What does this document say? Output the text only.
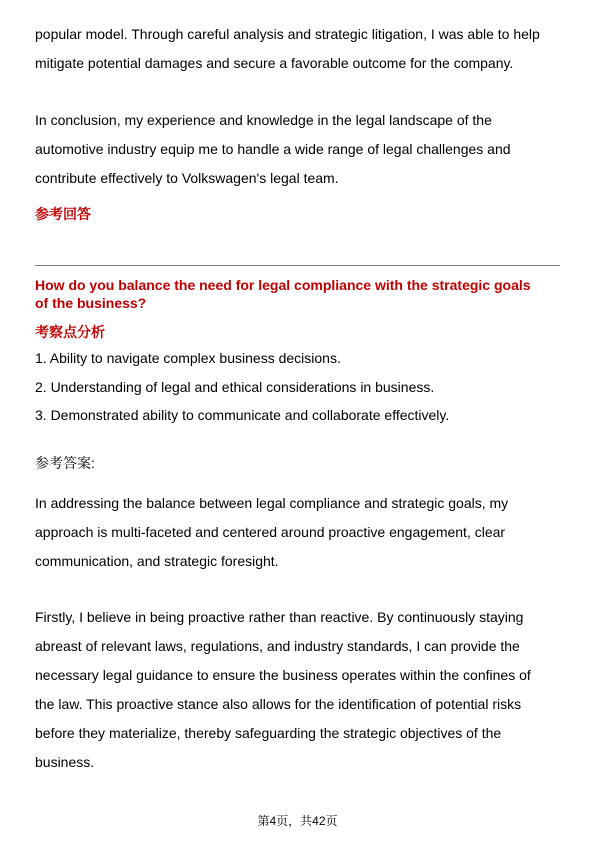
popular model. Through careful analysis and strategic litigation, I was able to help
mitigate potential damages and secure a favorable outcome for the company.
In conclusion, my experience and knowledge in the legal landscape of the
automotive industry equip me to handle a wide range of legal challenges and
contribute effectively to Volkswagen's legal team.
参考回答
How do you balance the need for legal compliance with the strategic goals
of the business?
考察点分析
1. Ability to navigate complex business decisions.
2. Understanding of legal and ethical considerations in business.
3. Demonstrated ability to communicate and collaborate effectively.
参考答案:
In addressing the balance between legal compliance and strategic goals, my
approach is multi-faceted and centered around proactive engagement, clear
communication, and strategic foresight.
Firstly, I believe in being proactive rather than reactive. By continuously staying
abreast of relevant laws, regulations, and industry standards, I can provide the
necessary legal guidance to ensure the business operates within the confines of
the law. This proactive stance also allows for the identification of potential risks
before they materialize, thereby safeguarding the strategic objectives of the
business.
第4页，共42页
